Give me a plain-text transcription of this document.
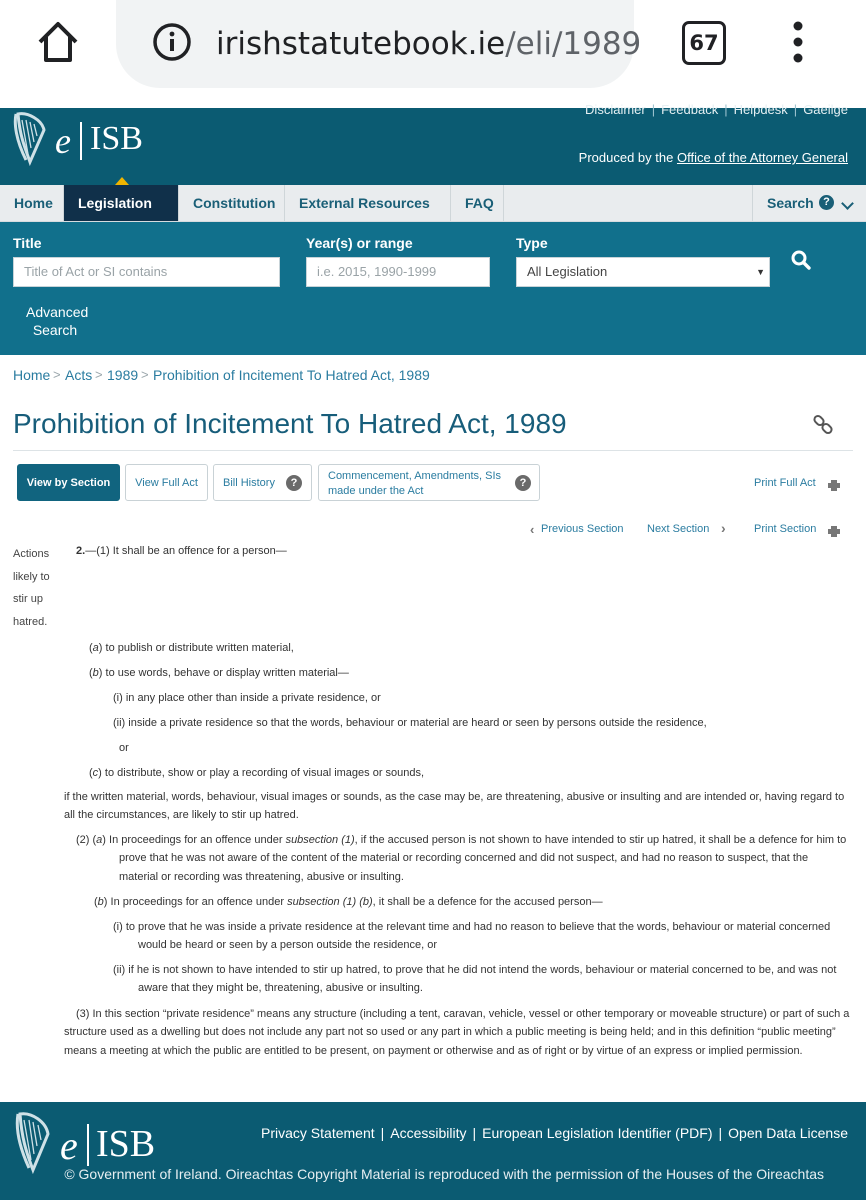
irishstatutebook.ie/eli/1989	67
e ISB
Disclaimer | Feedback | Helpdesk | Gaeilge
Produced by the Office of the Attorney General
Home	Legislation	Constitution	External Resources	FAQ	Search ?
Title
Title of Act or SI contains
Year(s) or range
i.e. 2015, 1990-1999
Type
All Legislation	▼
Advanced
Search
Home > Acts > 1989 > Prohibition of Incitement To Hatred Act, 1989
Prohibition of Incitement To Hatred Act, 1989
View by Section	View Full Act	Bill History	?
Commencement, Amendments, SIs
made under the Act
?	Print Full Act
‹ Previous Section Next Section ›	Print Section
Actions
likely to
stir up
hatred.
2.—(1) It shall be an offence for a person—
(a) to publish or distribute written material,
(b) to use words, behave or display written material—
(i) in any place other than inside a private residence, or
(ii) inside a private residence so that the words, behaviour or material are heard or seen by persons outside the residence,
or
(c) to distribute, show or play a recording of visual images or sounds,
if the written material, words, behaviour, visual images or sounds, as the case may be, are threatening, abusive or insulting and are intended or, having regard to
all the circumstances, are likely to stir up hatred.
(2) (a) In proceedings for an offence under subsection (1), if the accused person is not shown to have intended to stir up hatred, it shall be a defence for him to
prove that he was not aware of the content of the material or recording concerned and did not suspect, and had no reason to suspect, that the
material or recording was threatening, abusive or insulting.
(b) In proceedings for an offence under subsection (1) (b), it shall be a defence for the accused person—
(i) to prove that he was inside a private residence at the relevant time and had no reason to believe that the words, behaviour or material concerned
would be heard or seen by a person outside the residence, or
(ii) if he is not shown to have intended to stir up hatred, to prove that he did not intend the words, behaviour or material concerned to be, and was not
aware that they might be, threatening, abusive or insulting.
(3) In this section “private residence” means any structure (including a tent, caravan, vehicle, vessel or other temporary or moveable structure) or part of such a
structure used as a dwelling but does not include any part not so used or any part in which a public meeting is being held; and in this definition “public meeting”
means a meeting at which the public are entitled to be present, on payment or otherwise and as of right or by virtue of an express or implied permission.
e ISB	Privacy Statement | Accessibility | European Legislation Identifier (PDF) | Open Data License
© Government of Ireland. Oireachtas Copyright Material is reproduced with the permission of the Houses of the Oireachtas
